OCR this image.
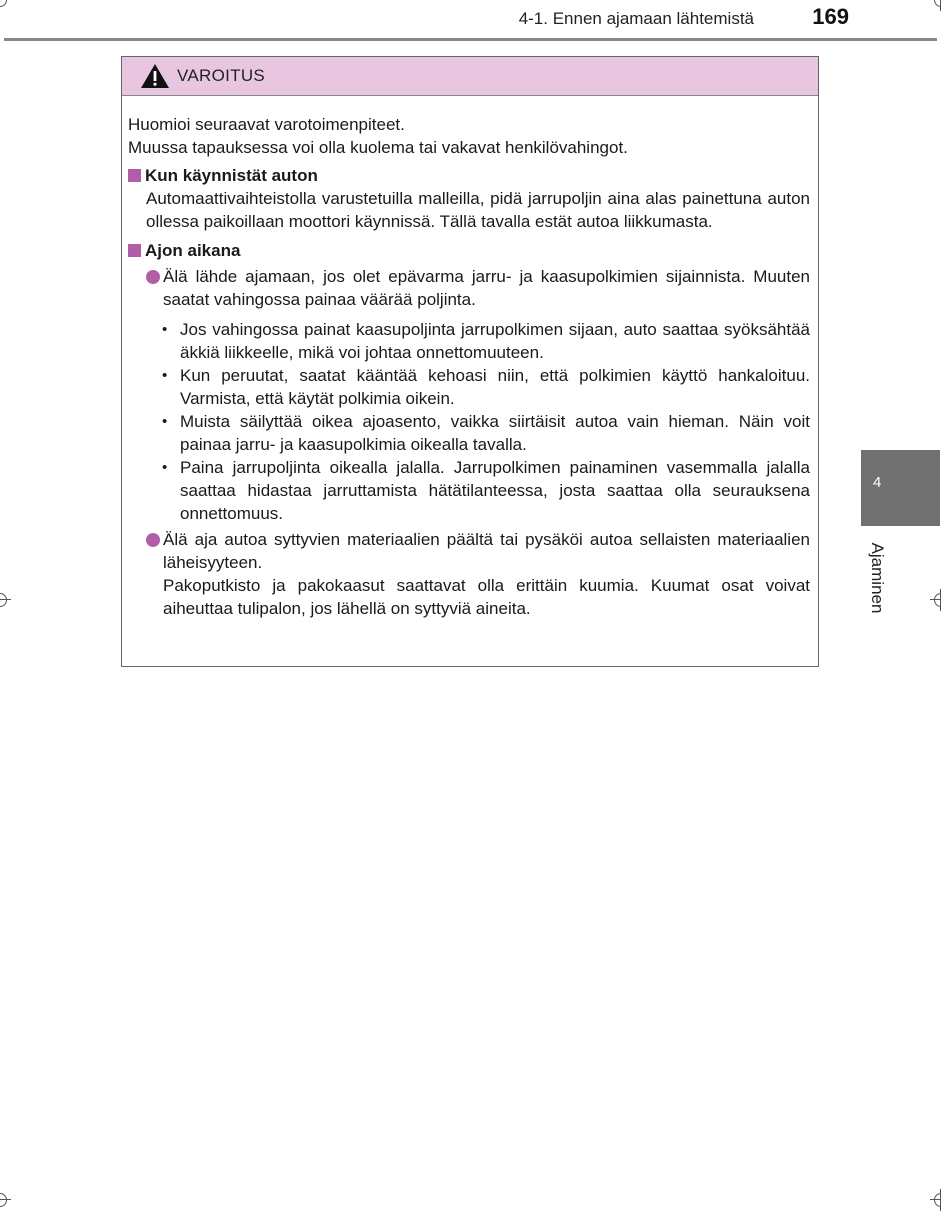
4-1. Ennen ajamaan lähtemistä	169
VAROITUS
Huomioi seuraavat varotoimenpiteet.
Muussa tapauksessa voi olla kuolema tai vakavat henkilövahingot.
Kun käynnistät auton
Automaattivaihteistolla varustetuilla malleilla, pidä jarrupoljin aina alas painettuna auton ollessa paikoillaan moottori käynnissä. Tällä tavalla estät autoa liikkumasta.
Ajon aikana
Älä lähde ajamaan, jos olet epävarma jarru- ja kaasupolkimien sijainnista. Muuten saatat vahingossa painaa väärää poljinta.
• Jos vahingossa painat kaasupoljinta jarrupolkimen sijaan, auto saattaa syöksähtää äkkiä liikkeelle, mikä voi johtaa onnettomuuteen.
• Kun peruutat, saatat kääntää kehoasi niin, että polkimien käyttö hankaloituu. Varmista, että käytät polkimia oikein.
• Muista säilyttää oikea ajoasento, vaikka siirtäisit autoa vain hieman. Näin voit painaa jarru- ja kaasupolkimia oikealla tavalla.
• Paina jarrupoljinta oikealla jalalla. Jarrupolkimen painaminen vasemmalla jalalla saattaa hidastaa jarruttamista hätätilanteessa, josta saattaa olla seurauksena onnettomuus.
Älä aja autoa syttyvien materiaalien päältä tai pysäköi autoa sellaisten materiaalien läheisyyteen.
Pakoputkisto ja pakokaasut saattavat olla erittäin kuumia. Kuumat osat voivat aiheuttaa tulipalon, jos lähellä on syttyviä aineita.
4
Ajaminen
